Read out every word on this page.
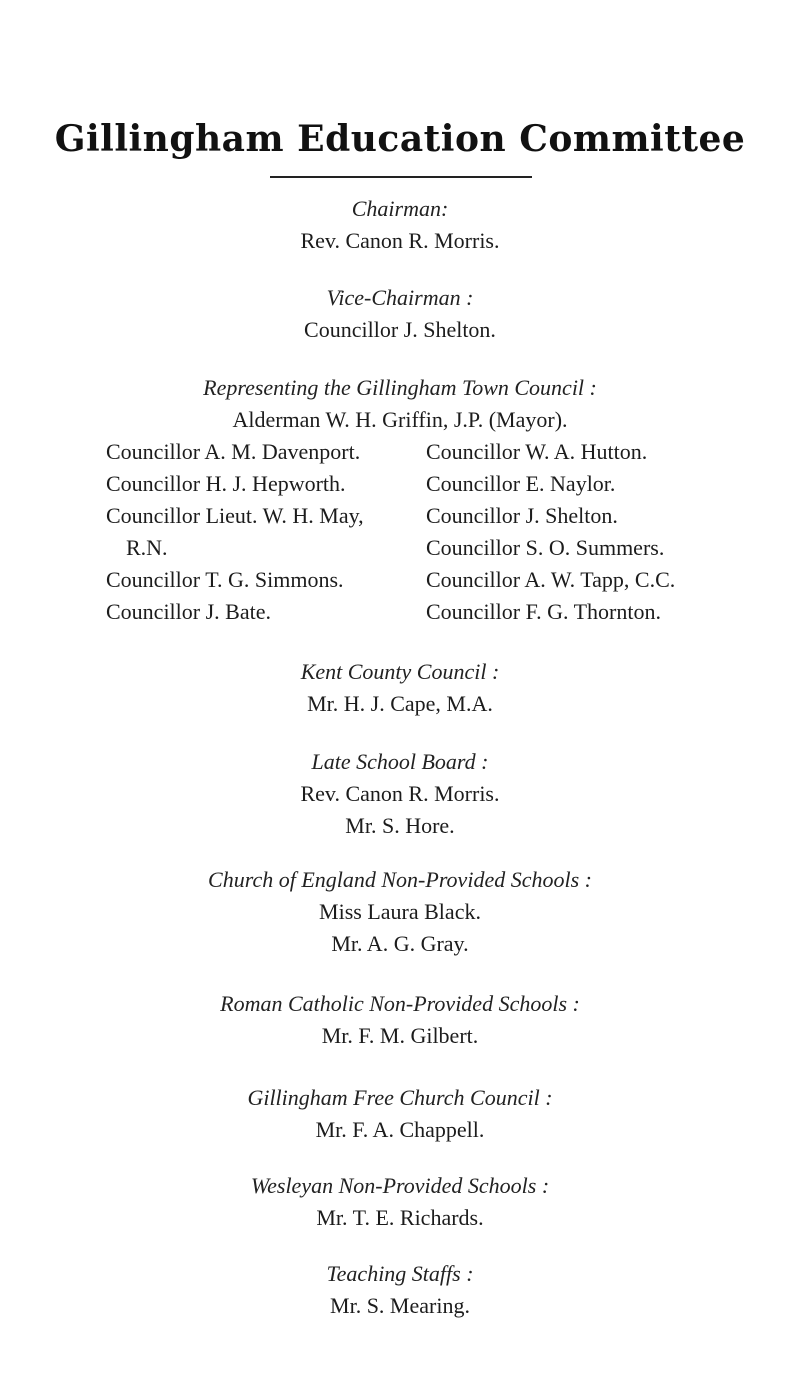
Gillingham Education Committee
Chairman:
Rev. Canon R. Morris.
Vice-Chairman :
Councillor J. Shelton.
Representing the Gillingham Town Council :
Alderman W. H. Griffin, J.P. (Mayor).
Councillor A. M. Davenport.
Councillor H. J. Hepworth.
Councillor Lieut. W. H. May,
R.N.
Councillor T. G. Simmons.
Councillor J. Bate.
Councillor W. A. Hutton.
Councillor E. Naylor.
Councillor J. Shelton.
Councillor S. O. Summers.
Councillor A. W. Tapp, C.C.
Councillor F. G. Thornton.
Kent County Council :
Mr. H. J. Cape, M.A.
Late School Board :
Rev. Canon R. Morris.
Mr. S. Hore.
Church of England Non-Provided Schools :
Miss Laura Black.
Mr. A. G. Gray.
Roman Catholic Non-Provided Schools :
Mr. F. M. Gilbert.
Gillingham Free Church Council :
Mr. F. A. Chappell.
Wesleyan Non-Provided Schools :
Mr. T. E. Richards.
Teaching Staffs :
Mr. S. Mearing.
